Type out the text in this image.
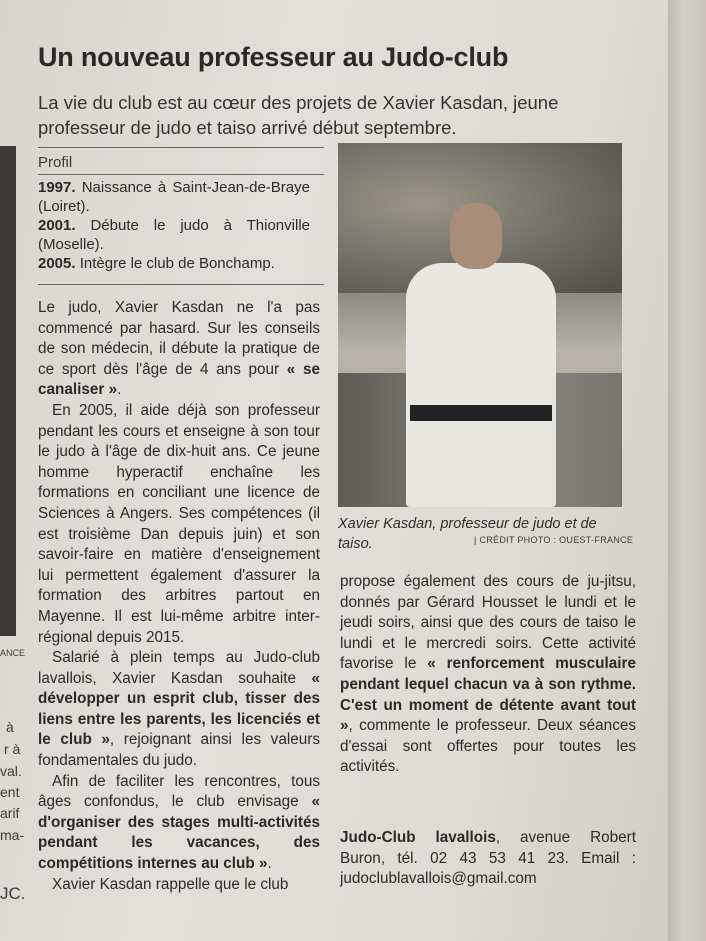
ANCE
à
r à
val.
ent
arif
ma-
JC.
Un nouveau professeur au Judo-club
La vie du club est au cœur des projets de Xavier Kasdan, jeune professeur de judo et taiso arrivé début septembre.
Profil

1997. Naissance à Saint-Jean-de-Braye (Loiret).

2001. Débute le judo à Thionville (Moselle).

2005. Intègre le club de Bonchamp.

Le judo, Xavier Kasdan ne l'a pas commencé par hasard. Sur les conseils de son médecin, il débute la pratique de ce sport dès l'âge de 4 ans pour « se canaliser ».

En 2005, il aide déjà son professeur pendant les cours et enseigne à son tour le judo à l'âge de dix-huit ans. Ce jeune homme hyperactif enchaîne les formations en conciliant une licence de Sciences à Angers. Ses compétences (il est troisième Dan depuis juin) et son savoir-faire en matière d'enseignement lui permettent également d'assurer la formation des arbitres partout en Mayenne. Il est lui-même arbitre inter-régional depuis 2015.

Salarié à plein temps au Judo-club lavallois, Xavier Kasdan souhaite « développer un esprit club, tisser des liens entre les parents, les licenciés et le club », rejoignant ainsi les valeurs fondamentales du judo.

Afin de faciliter les rencontres, tous âges confondus, le club envisage « d'organiser des stages multi-activités pendant les vacances, des compétitions internes au club ».

Xavier Kasdan rappelle que le club

Xavier Kasdan, professeur de judo et de taiso.	| CRÉDIT PHOTO : OUEST-FRANCE

propose également des cours de ju-jitsu, donnés par Gérard Housset le lundi et le jeudi soirs, ainsi que des cours de taiso le lundi et le mercredi soirs. Cette activité favorise le « renforcement musculaire pendant lequel chacun va à son rythme. C'est un moment de détente avant tout », commente le professeur. Deux séances d'essai sont offertes pour toutes les activités.

Judo-Club lavallois, avenue Robert Buron, tél. 02 43 53 41 23. Email : judoclublavallois@gmail.com
